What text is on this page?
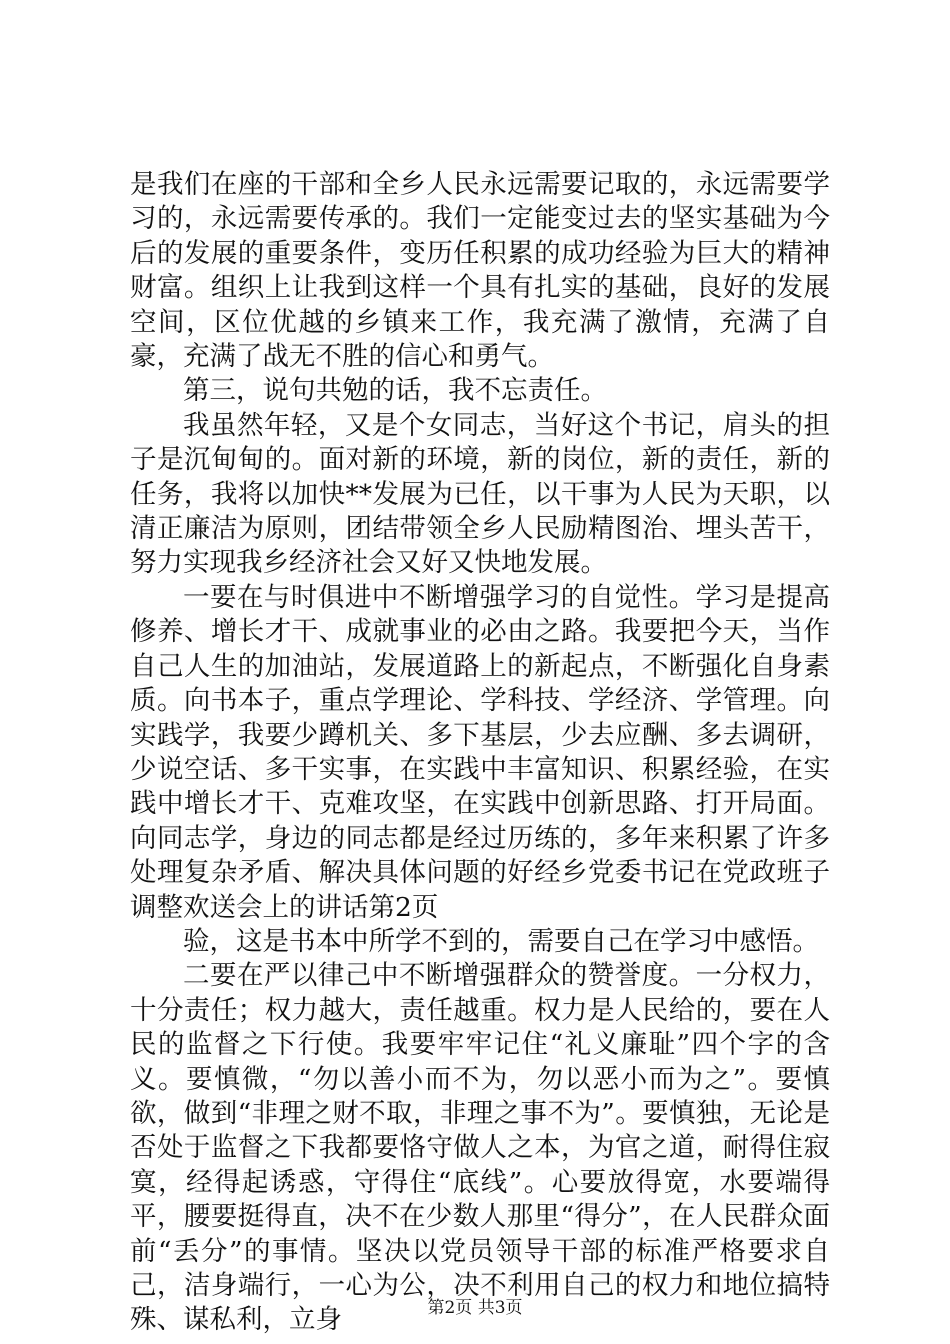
是我们在座的干部和全乡人民永远需要记取的，永远需要学习的，永远需要传承的。我们一定能变过去的坚实基础为今后的发展的重要条件，变历任积累的成功经验为巨大的精神财富。组织上让我到这样一个具有扎实的基础，良好的发展空间，区位优越的乡镇来工作，我充满了激情，充满了自豪，充满了战无不胜的信心和勇气。

第三，说句共勉的话，我不忘责任。

我虽然年轻，又是个女同志，当好这个书记，肩头的担子是沉甸甸的。面对新的环境，新的岗位，新的责任，新的任务，我将以加快**发展为已任，以干事为人民为天职，以清正廉洁为原则，团结带领全乡人民励精图治、埋头苦干，努力实现我乡经济社会又好又快地发展。

一要在与时俱进中不断增强学习的自觉性。学习是提高修养、增长才干、成就事业的必由之路。我要把今天，当作自己人生的加油站，发展道路上的新起点，不断强化自身素质。向书本子，重点学理论、学科技、学经济、学管理。向实践学，我要少蹲机关、多下基层，少去应酬、多去调研，少说空话、多干实事，在实践中丰富知识、积累经验，在实践中增长才干、克难攻坚，在实践中创新思路、打开局面。向同志学，身边的同志都是经过历练的，多年来积累了许多处理复杂矛盾、解决具体问题的好经乡党委书记在党政班子调整欢送会上的讲话第2页

验，这是书本中所学不到的，需要自己在学习中感悟。

二要在严以律己中不断增强群众的赞誉度。一分权力，十分责任；权力越大，责任越重。权力是人民给的，要在人民的监督之下行使。我要牢牢记住“礼义廉耻”四个字的含义。要慎微，“勿以善小而不为，勿以恶小而为之”。要慎欲，做到“非理之财不取，非理之事不为”。要慎独，无论是否处于监督之下我都要恪守做人之本，为官之道，耐得住寂寞，经得起诱惑，守得住“底线”。心要放得宽，水要端得平，腰要挺得直，决不在少数人那里“得分”，在人民群众面前“丢分”的事情。坚决以党员领导干部的标准严格要求自己，洁身端行，一心为公，决不利用自己的权力和地位搞特殊、谋私利，立身	第2页 共3页
